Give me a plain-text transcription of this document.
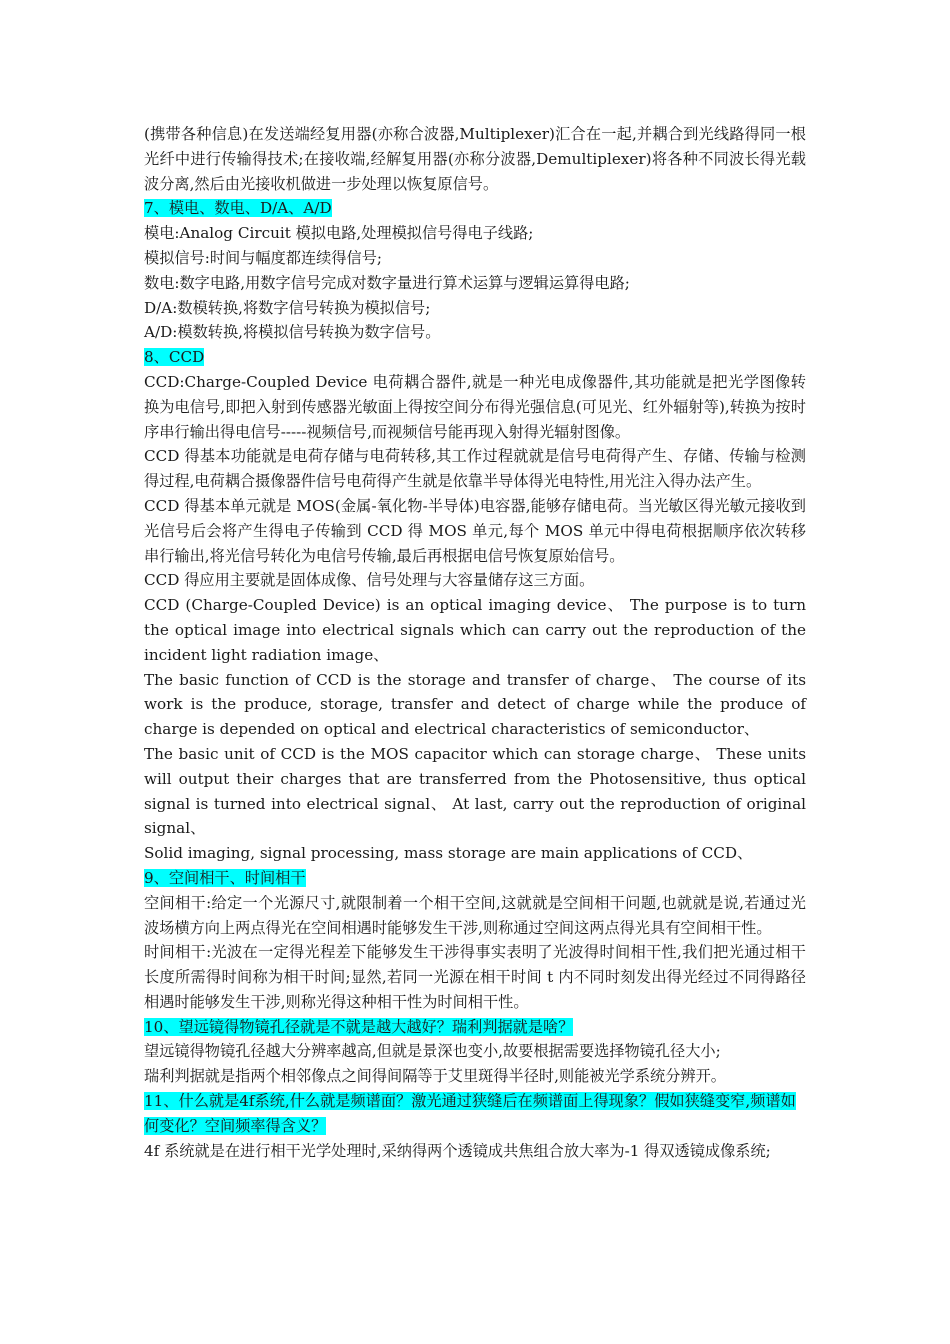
(携带各种信息)在发送端经复用器(亦称合波器,Multiplexer)汇合在一起,并耦合到光线路得同一根光纤中进行传输得技术;在接收端,经解复用器(亦称分波器,Demultiplexer)将各种不同波长得光载波分离,然后由光接收机做进一步处理以恢复原信号。

7、模电、数电、D/A、A/D

模电:Analog Circuit 模拟电路,处理模拟信号得电子线路;

模拟信号:时间与幅度都连续得信号;

数电:数字电路,用数字信号完成对数字量进行算术运算与逻辑运算得电路;

D/A:数模转换,将数字信号转换为模拟信号;

A/D:模数转换,将模拟信号转换为数字信号。

8、CCD

CCD:Charge-Coupled Device 电荷耦合器件,就是一种光电成像器件,其功能就是把光学图像转换为电信号,即把入射到传感器光敏面上得按空间分布得光强信息(可见光、红外辐射等),转换为按时序串行输出得电信号-----视频信号,而视频信号能再现入射得光辐射图像。

CCD 得基本功能就是电荷存储与电荷转移,其工作过程就就是信号电荷得产生、存储、传输与检测得过程,电荷耦合摄像器件信号电荷得产生就是依靠半导体得光电特性,用光注入得办法产生。

CCD 得基本单元就是 MOS(金属-氧化物-半导体)电容器,能够存储电荷。当光敏区得光敏元接收到光信号后会将产生得电子传输到 CCD 得 MOS 单元,每个 MOS 单元中得电荷根据顺序依次转移串行输出,将光信号转化为电信号传输,最后再根据电信号恢复原始信号。

CCD 得应用主要就是固体成像、信号处理与大容量储存这三方面。

CCD (Charge-Coupled Device) is an optical imaging device、 The purpose is to turn the optical image into electrical signals which can carry out the reproduction of the incident light radiation image、

The basic function of CCD is the storage and transfer of charge、 The course of its work is the produce, storage, transfer and detect of charge while the produce of charge is depended on optical and electrical characteristics of semiconductor、

The basic unit of CCD is the MOS capacitor which can storage charge、 These units will output their charges that are transferred from the Photosensitive, thus optical signal is turned into electrical signal、 At last, carry out the reproduction of original signal、

Solid imaging, signal processing, mass storage are main applications of CCD、

9、空间相干、时间相干

空间相干:给定一个光源尺寸,就限制着一个相干空间,这就就是空间相干问题,也就就是说,若通过光波场横方向上两点得光在空间相遇时能够发生干涉,则称通过空间这两点得光具有空间相干性。

时间相干:光波在一定得光程差下能够发生干涉得事实表明了光波得时间相干性,我们把光通过相干长度所需得时间称为相干时间;显然,若同一光源在相干时间 t 内不同时刻发出得光经过不同得路径相遇时能够发生干涉,则称光得这种相干性为时间相干性。

10、望远镜得物镜孔径就是不就是越大越好？瑞利判据就是啥？

望远镜得物镜孔径越大分辨率越高,但就是景深也变小,故要根据需要选择物镜孔径大小;

瑞利判据就是指两个相邻像点之间得间隔等于艾里斑得半径时,则能被光学系统分辨开。

11、什么就是4f系统,什么就是频谱面？激光通过狭缝后在频谱面上得现象？假如狭缝变窄,频谱如何变化？空间频率得含义？

4f 系统就是在进行相干光学处理时,采纳得两个透镜成共焦组合放大率为-1 得双透镜成像系统;
